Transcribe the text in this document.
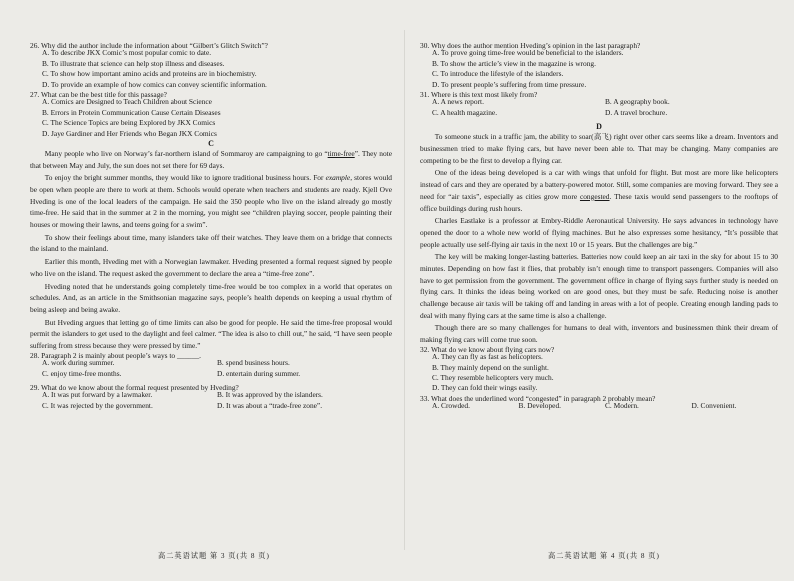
26. Why did the author include the information about “Gilbert’s Glitch Switch”?

A. To describe JKX Comic’s most popular comic to date.

B. To illustrate that science can help stop illness and diseases.

C. To show how important amino acids and proteins are in biochemistry.

D. To provide an example of how comics can convey scientific information.

27. What can be the best title for this passage?

A. Comics are Designed to Teach Children about Science

B. Errors in Protein Communication Cause Certain Diseases

C. The Science Topics are being Explored by JKX Comics

D. Jaye Gardiner and Her Friends who Began JKX Comics

C

Many people who live on Norway’s far-northern island of Sommaroy are campaigning to go “time-free”. They note that between May and July, the sun does not set there for 69 days.

To enjoy the bright summer months, they would like to ignore traditional business hours. For example, stores would be open when people are there to work at them. Schools would operate when teachers and students are ready. Kjell Ove Hveding is one of the local leaders of the campaign. He said the 350 people who live on the island already go mostly time-free. He said that in the summer at 2 in the morning, you might see “children playing soccer, people painting their houses or mowing their lawns, and teens going for a swim”.

To show their feelings about time, many islanders take off their watches. They leave them on a bridge that connects the island to the mainland.

Earlier this month, Hveding met with a Norwegian lawmaker. Hveding presented a formal request signed by people who live on the island. The request asked the government to declare the area a “time-free zone”.

Hveding noted that he understands going completely time-free would be too complex in a world that operates on schedules. And, as an article in the Smithsonian magazine says, people’s health depends on keeping a usual rhythm of being asleep and being awake.

But Hveding argues that letting go of time limits can also be good for people. He said the time-free proposal would permit the islanders to get used to the daylight and feel calmer. “The idea is also to chill out,” he said, “I have seen people suffering from stress because they were pressed by time.”

28. Paragraph 2 is mainly about people’s ways to ______.

A. work during summer.	B. spend business hours.
C. enjoy time-free months.	D. entertain during summer.

29. What do we know about the formal request presented by Hveding?

A. It was put forward by a lawmaker.	B. It was approved by the islanders.
C. It was rejected by the government.	D. It was about a “trade-free zone”.
高二英语试题 第 3 页(共 8 页)

30. Why does the author mention Hveding’s opinion in the last paragraph?

A. To prove going time-free would be beneficial to the islanders.

B. To show the article’s view in the magazine is wrong.

C. To introduce the lifestyle of the islanders.

D. To present people’s suffering from time pressure.

31. Where is this text most likely from?

A. A news report.	B. A geography book.
C. A health magazine.	D. A travel brochure.

D

To someone stuck in a traffic jam, the ability to soar(高飞) right over other cars seems like a dream. Inventors and businessmen tried to make flying cars, but have never been able to. That may be changing. Many companies are competing to be the first to develop a flying car.

One of the ideas being developed is a car with wings that unfold for flight. But most are more like helicopters instead of cars and they are operated by a battery-powered motor. Still, some companies are moving forward. They see a need for “air taxis”, especially as cities grow more congested. These taxis would send passengers to the rooftops of office buildings during rush hours.

Charles Eastlake is a professor at Embry-Riddle Aeronautical University. He says advances in technology have opened the door to a whole new world of flying machines. But he also expresses some hesitancy, “It’s possible that people actually use self-flying air taxis in the next 10 or 15 years. But the challenges are big.”

The key will be making longer-lasting batteries. Batteries now could keep an air taxi in the sky for about 15 to 30 minutes. Depending on how fast it flies, that probably isn’t enough time to transport passengers. Companies will also have to get permission from the government. The government office in charge of flying says further study is needed on flying cars. It thinks the ideas being worked on are good ones, but they must be safe. Reducing noise is another challenge because air taxis will be taking off and landing in areas with a lot of people. Creating enough landing pads to deal with many flying cars at the same time is also a challenge.

Though there are so many challenges for humans to deal with, inventors and businessmen think their dream of making flying cars will come true soon.

32. What do we know about flying cars now?

A. They can fly as fast as helicopters.

B. They mainly depend on the sunlight.

C. They resemble helicopters very much.

D. They can fold their wings easily.

33. What does the underlined word “congested” in paragraph 2 probably mean?

A. Crowded.	B. Developed.	C. Modern.	D. Convenient.
高二英语试题 第 4 页(共 8 页)
